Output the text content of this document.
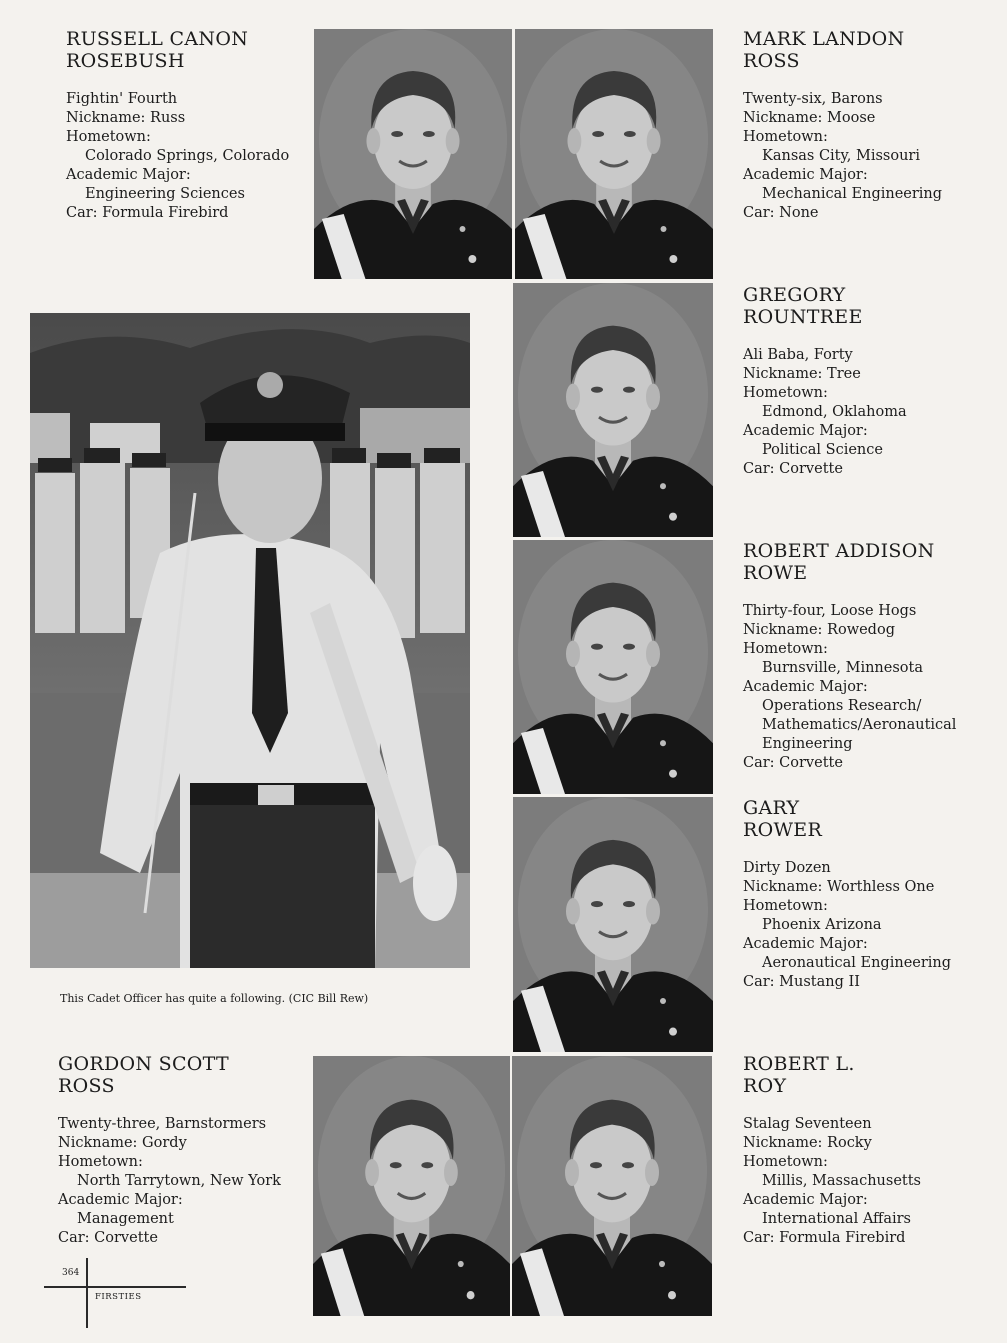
RUSSELL CANON
ROSEBUSH
Fightin' Fourth
Nickname: Russ
Hometown:
Colorado Springs, Colorado
Academic Major:
Engineering Sciences
Car: Formula Firebird
MARK LANDON
ROSS
Twenty-six, Barons
Nickname: Moose
Hometown:
Kansas City, Missouri
Academic Major:
Mechanical Engineering
Car: None
GREGORY
ROUNTREE
Ali Baba, Forty
Nickname: Tree
Hometown:
Edmond, Oklahoma
Academic Major:
Political Science
Car: Corvette
ROBERT ADDISON
ROWE
Thirty-four, Loose Hogs
Nickname: Rowedog
Hometown:
Burnsville, Minnesota
Academic Major:
Operations Research/
Mathematics/Aeronautical
Engineering
Car: Corvette
GARY
ROWER
Dirty Dozen
Nickname: Worthless One
Hometown:
Phoenix Arizona
Academic Major:
Aeronautical Engineering
Car: Mustang II
GORDON SCOTT
ROSS
Twenty-three, Barnstormers
Nickname: Gordy
Hometown:
North Tarrytown, New York
Academic Major:
Management
Car: Corvette
ROBERT L.
ROY
Stalag Seventeen
Nickname: Rocky
Hometown:
Millis, Massachusetts
Academic Major:
International Affairs
Car: Formula Firebird
This Cadet Officer has quite a following. (CIC Bill Rew)
364
FIRSTIES
